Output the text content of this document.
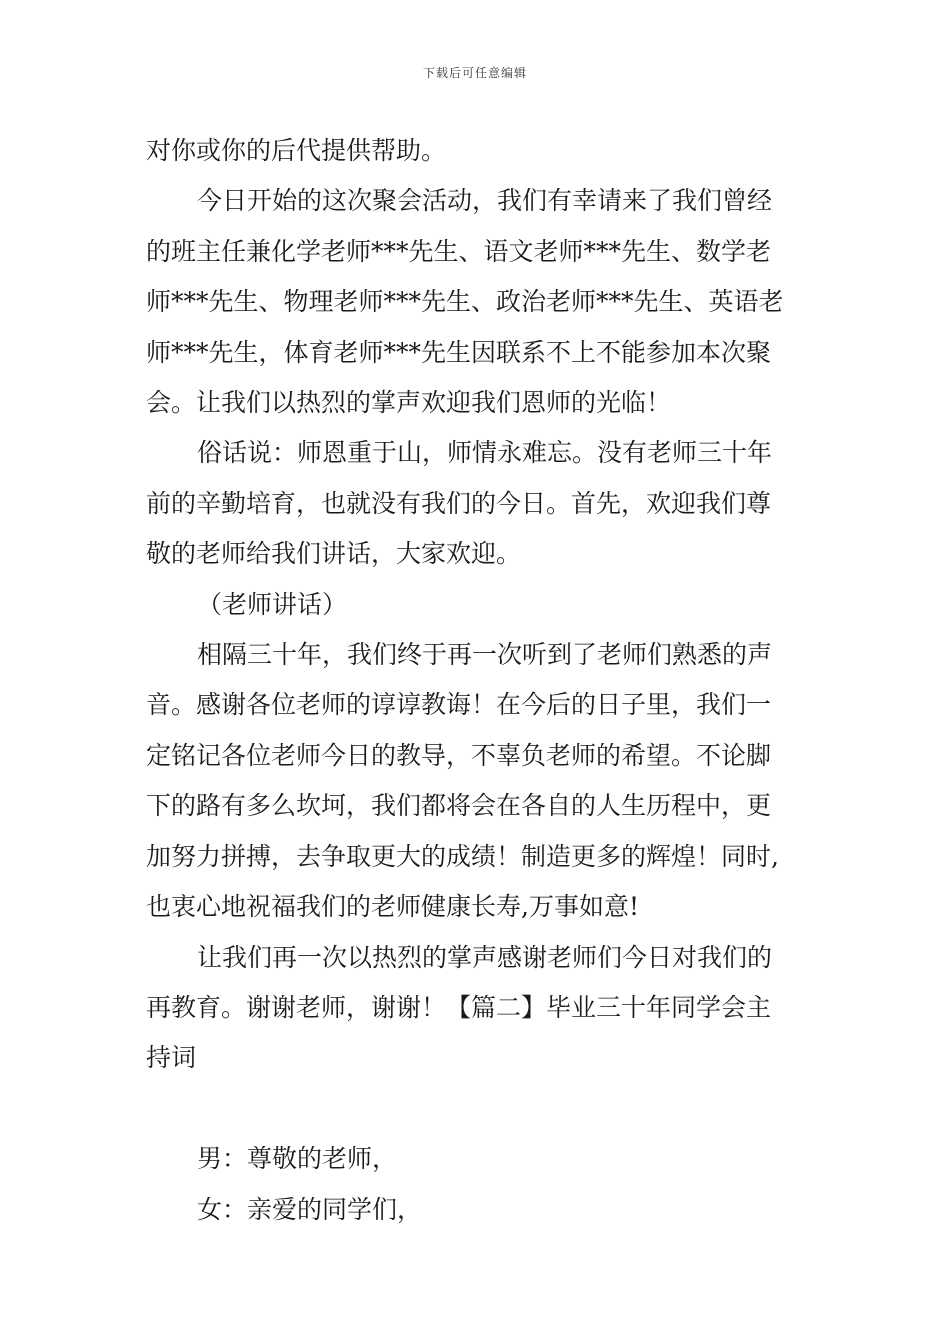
下载后可任意编辑
对你或你的后代提供帮助。
今日开始的这次聚会活动，我们有幸请来了我们曾经
的班主任兼化学老师***先生、语文老师***先生、数学老
师***先生、物理老师***先生、政治老师***先生、英语老
师***先生，体育老师***先生因联系不上不能参加本次聚
会。让我们以热烈的掌声欢迎我们恩师的光临！
俗话说：师恩重于山，师情永难忘。没有老师三十年
前的辛勤培育，也就没有我们的今日。首先，欢迎我们尊
敬的老师给我们讲话，大家欢迎。
（老师讲话）
相隔三十年，我们终于再一次听到了老师们熟悉的声
音。感谢各位老师的谆谆教诲！在今后的日子里，我们一
定铭记各位老师今日的教导，不辜负老师的希望。不论脚
下的路有多么坎坷，我们都将会在各自的人生历程中，更
加努力拼搏，去争取更大的成绩！制造更多的辉煌！同时,
也衷心地祝福我们的老师健康长寿,万事如意!
让我们再一次以热烈的掌声感谢老师们今日对我们的
再教育。谢谢老师，谢谢！【篇二】毕业三十年同学会主
持词
男：尊敬的老师，
女：亲爱的同学们，
